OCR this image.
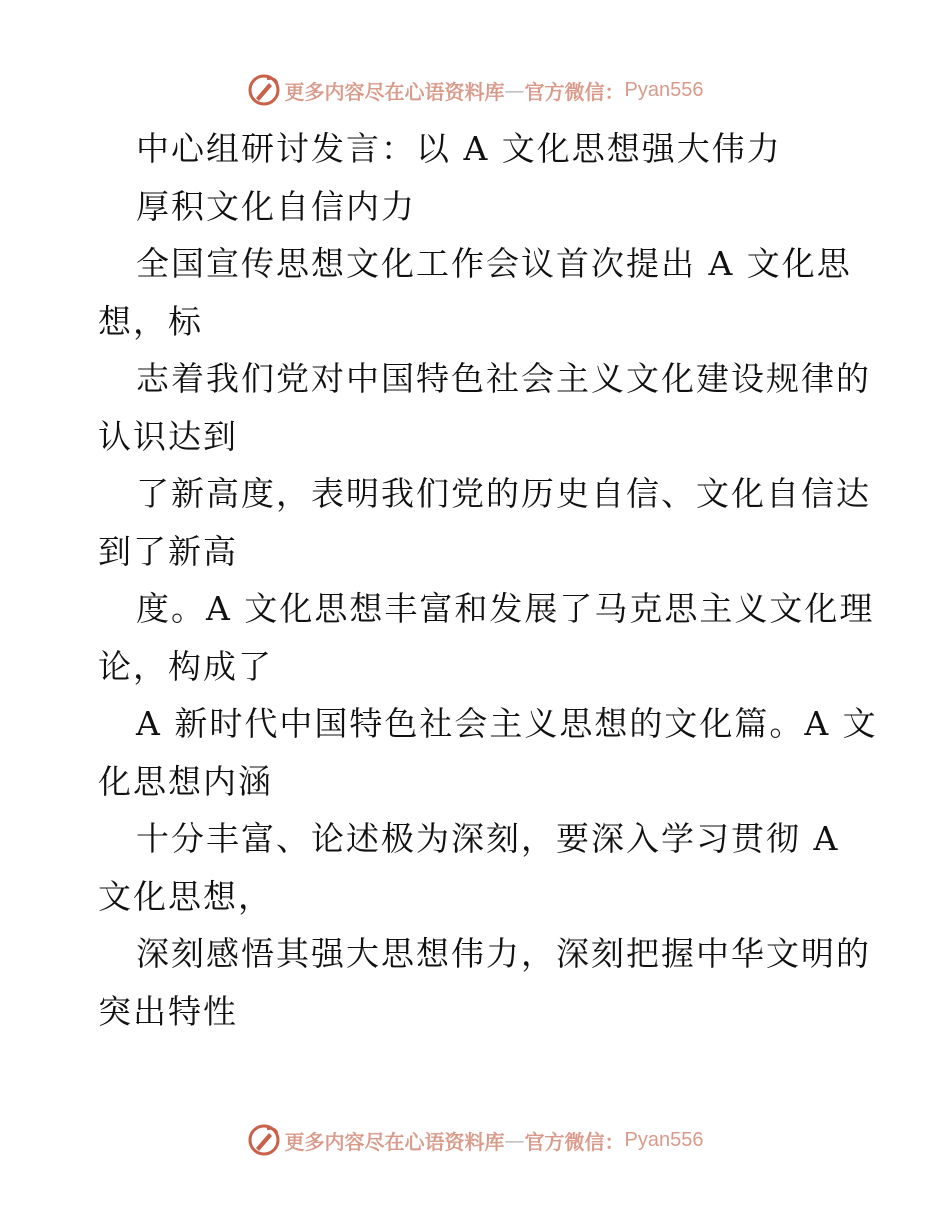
更多内容尽在心语资料库 — 官方微信： Pyan556
中心组研讨发言：以 A 文化思想强大伟力
厚积文化自信内力
全国宣传思想文化工作会议首次提出 A 文化思
想，标
志着我们党对中国特色社会主义文化建设规律的
认识达到
了新高度，表明我们党的历史自信、文化自信达
到了新高
度。A 文化思想丰富和发展了马克思主义文化理
论，构成了
A 新时代中国特色社会主义思想的文化篇。A 文
化思想内涵
十分丰富、论述极为深刻，要深入学习贯彻 A
文化思想，
深刻感悟其强大思想伟力，深刻把握中华文明的
突出特性
更多内容尽在心语资料库 — 官方微信： Pyan556
